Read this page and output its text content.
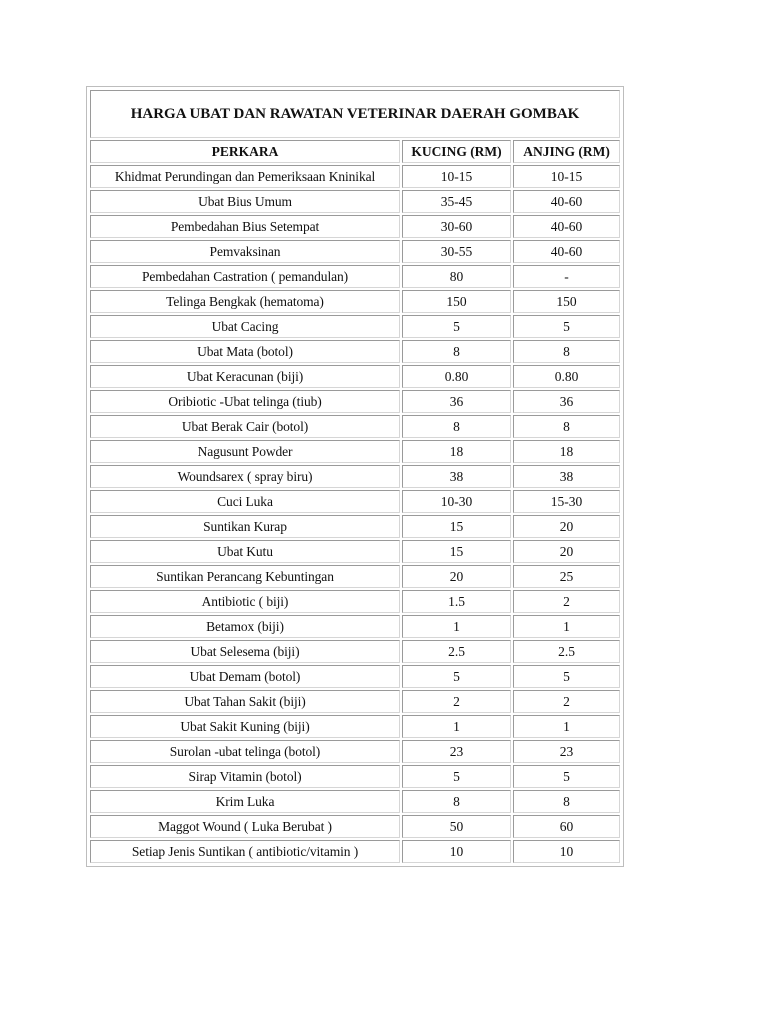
HARGA UBAT DAN RAWATAN VETERINAR DAERAH GOMBAK		
PERKARA	KUCING (RM)	ANJING (RM)
Khidmat Perundingan dan Pemeriksaan Kninikal	10-15	10-15
Ubat Bius Umum	35-45	40-60
Pembedahan Bius Setempat	30-60	40-60
Pemvaksinan	30-55	40-60
Pembedahan Castration ( pemandulan)	80	-
Telinga Bengkak (hematoma)	150	150
Ubat Cacing	5	5
Ubat Mata (botol)	8	8
Ubat Keracunan (biji)	0.80	0.80
Oribiotic -Ubat telinga (tiub)	36	36
Ubat Berak Cair (botol)	8	8
Nagusunt Powder	18	18
Woundsarex ( spray biru)	38	38
Cuci Luka	10-30	15-30
Suntikan Kurap	15	20
Ubat Kutu	15	20
Suntikan Perancang Kebuntingan	20	25
Antibiotic ( biji)	1.5	2
Betamox (biji)	1	1
Ubat Selesema (biji)	2.5	2.5
Ubat Demam (botol)	5	5
Ubat Tahan Sakit (biji)	2	2
Ubat Sakit Kuning (biji)	1	1
Surolan -ubat telinga (botol)	23	23
Sirap Vitamin (botol)	5	5
Krim Luka	8	8
Maggot Wound ( Luka Berubat )	50	60
Setiap Jenis Suntikan ( antibiotic/vitamin )	10	10
